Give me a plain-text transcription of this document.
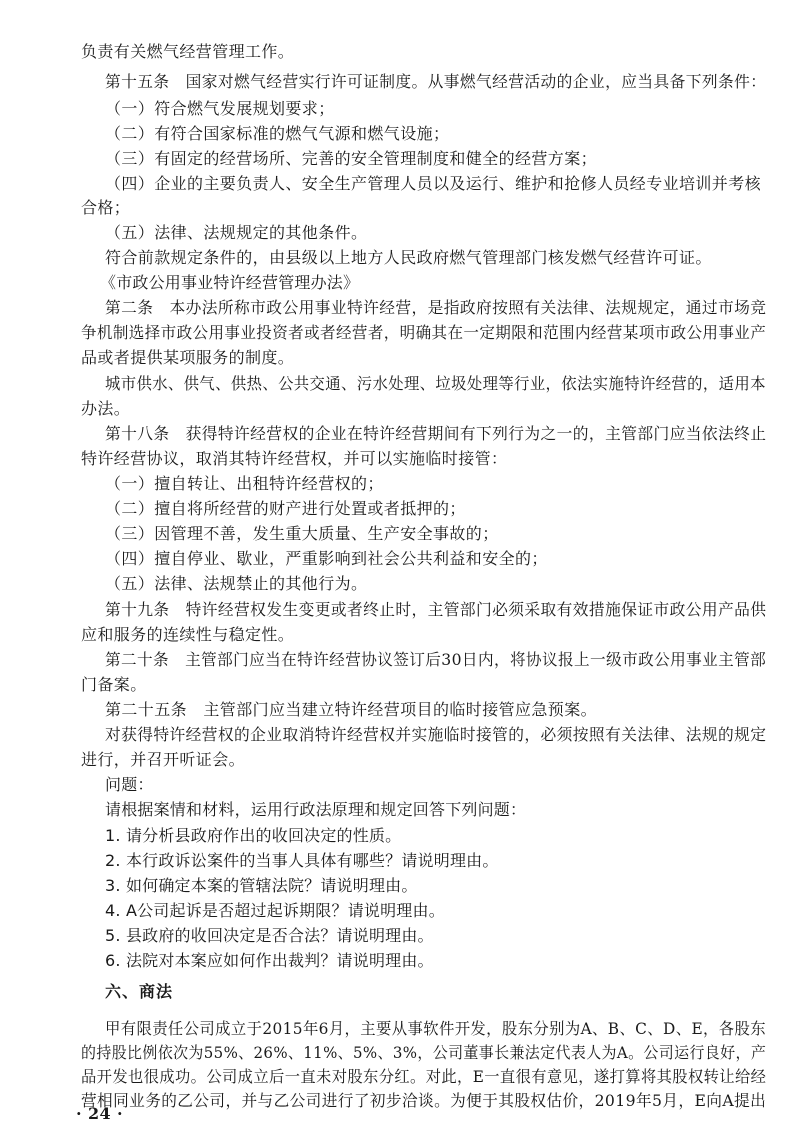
负责有关燃气经营管理工作。
第十五条　国家对燃气经营实行许可证制度。从事燃气经营活动的企业，应当具备下列条件：
（一）符合燃气发展规划要求；
（二）有符合国家标准的燃气气源和燃气设施；
（三）有固定的经营场所、完善的安全管理制度和健全的经营方案；
（四）企业的主要负责人、安全生产管理人员以及运行、维护和抢修人员经专业培训并考核
合格；
（五）法律、法规规定的其他条件。
符合前款规定条件的，由县级以上地方人民政府燃气管理部门核发燃气经营许可证。
《市政公用事业特许经营管理办法》
第二条　本办法所称市政公用事业特许经营，是指政府按照有关法律、法规规定，通过市场竞
争机制选择市政公用事业投资者或者经营者，明确其在一定期限和范围内经营某项市政公用事业产
品或者提供某项服务的制度。
城市供水、供气、供热、公共交通、污水处理、垃圾处理等行业，依法实施特许经营的，适用本
办法。
第十八条　获得特许经营权的企业在特许经营期间有下列行为之一的，主管部门应当依法终止
特许经营协议，取消其特许经营权，并可以实施临时接管：
（一）擅自转让、出租特许经营权的；
（二）擅自将所经营的财产进行处置或者抵押的；
（三）因管理不善，发生重大质量、生产安全事故的；
（四）擅自停业、歇业，严重影响到社会公共利益和安全的；
（五）法律、法规禁止的其他行为。
第十九条　特许经营权发生变更或者终止时，主管部门必须采取有效措施保证市政公用产品供
应和服务的连续性与稳定性。
第二十条　主管部门应当在特许经营协议签订后30日内，将协议报上一级市政公用事业主管部
门备案。
第二十五条　主管部门应当建立特许经营项目的临时接管应急预案。
对获得特许经营权的企业取消特许经营权并实施临时接管的，必须按照有关法律、法规的规定
进行，并召开听证会。
问题：
请根据案情和材料，运用行政法原理和规定回答下列问题：
1. 请分析县政府作出的收回决定的性质。
2. 本行政诉讼案件的当事人具体有哪些？请说明理由。
3. 如何确定本案的管辖法院？请说明理由。
4. A公司起诉是否超过起诉期限？请说明理由。
5. 县政府的收回决定是否合法？请说明理由。
6. 法院对本案应如何作出裁判？请说明理由。
六、商法
甲有限责任公司成立于2015年6月，主要从事软件开发，股东分别为A、B、C、D、E，各股东
的持股比例依次为55%、26%、11%、5%、3%，公司董事长兼法定代表人为A。公司运行良好，产
品开发也很成功。公司成立后一直未对股东分红。对此，E一直很有意见，遂打算将其股权转让给经
营相同业务的乙公司，并与乙公司进行了初步洽谈。为便于其股权估价，2019年5月，E向A提出
· 24 ·
